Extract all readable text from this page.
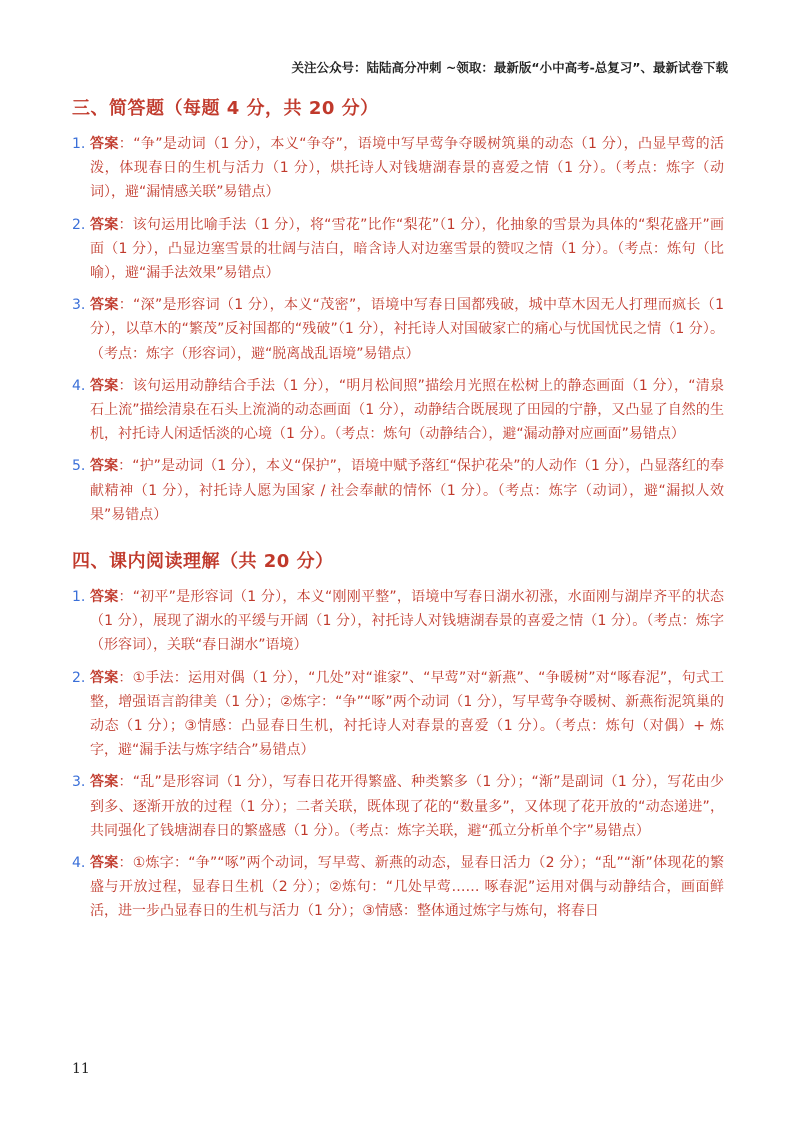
关注公众号：陆陆高分冲刺 ~领取：最新版“小中高考-总复习”、最新试卷下载
三、简答题（每题 4 分，共 20 分）
1. 答案：“争”是动词（1 分），本义“争夺”，语境中写早莺争夺暖树筑巢的动态（1 分），凸显早莺的活泼，体现春日的生机与活力（1 分），烘托诗人对钱塘湖春景的喜爱之情（1 分）。（考点：炼字（动词），避“漏情感关联”易错点）
2. 答案：该句运用比喻手法（1 分），将“雪花”比作“梨花”（1 分），化抽象的雪景为具体的“梨花盛开”画面（1 分），凸显边塞雪景的壮阔与洁白，暗含诗人对边塞雪景的赞叹之情（1 分）。（考点：炼句（比喻），避“漏手法效果”易错点）
3. 答案：“深”是形容词（1 分），本义“茂密”，语境中写春日国都残破，城中草木因无人打理而疯长（1 分），以草木的“繁茂”反衬国都的“残破”（1 分），衬托诗人对国破家亡的痛心与忧国忧民之情（1 分）。（考点：炼字（形容词），避“脱离战乱语境”易错点）
4. 答案：该句运用动静结合手法（1 分），“明月松间照”描绘月光照在松树上的静态画面（1 分），“清泉石上流”描绘清泉在石头上流淌的动态画面（1 分），动静结合既展现了田园的宁静，又凸显了自然的生机，衬托诗人闲适恬淡的心境（1 分）。（考点：炼句（动静结合），避“漏动静对应画面”易错点）
5. 答案：“护”是动词（1 分），本义“保护”，语境中赋予落红“保护花朵”的人动作（1 分），凸显落红的奉献精神（1 分），衬托诗人愿为国家 / 社会奉献的情怀（1 分）。（考点：炼字（动词），避“漏拟人效果”易错点）
四、课内阅读理解（共 20 分）
1. 答案：“初平”是形容词（1 分），本义“刚刚平整”，语境中写春日湖水初涨，水面刚与湖岸齐平的状态（1 分），展现了湖水的平缓与开阔（1 分），衬托诗人对钱塘湖春景的喜爱之情（1 分）。（考点：炼字（形容词），关联“春日湖水”语境）
2. 答案：①手法：运用对偶（1 分），“几处”对“谁家”、“早莺”对“新燕”、“争暖树”对“啄春泥”，句式工整，增强语言韵律美（1 分）；②炼字：“争”“啄”两个动词（1 分），写早莺争夺暖树、新燕衔泥筑巢的动态（1 分）；③情感：凸显春日生机，衬托诗人对春景的喜爱（1 分）。（考点：炼句（对偶）+ 炼字，避“漏手法与炼字结合”易错点）
3. 答案：“乱”是形容词（1 分），写春日花开得繁盛、种类繁多（1 分）；“渐”是副词（1 分），写花由少到多、逐渐开放的过程（1 分）；二者关联，既体现了花的“数量多”，又体现了花开放的“动态递进”，共同强化了钱塘湖春日的繁盛感（1 分）。（考点：炼字关联，避“孤立分析单个字”易错点）
4. 答案：①炼字：“争”“啄”两个动词，写早莺、新燕的动态，显春日活力（2 分）；“乱”“渐”体现花的繁盛与开放过程，显春日生机（2 分）；②炼句：“几处早莺…… 啄春泥”运用对偶与动静结合，画面鲜活，进一步凸显春日的生机与活力（1 分）；③情感：整体通过炼字与炼句，将春日
11
